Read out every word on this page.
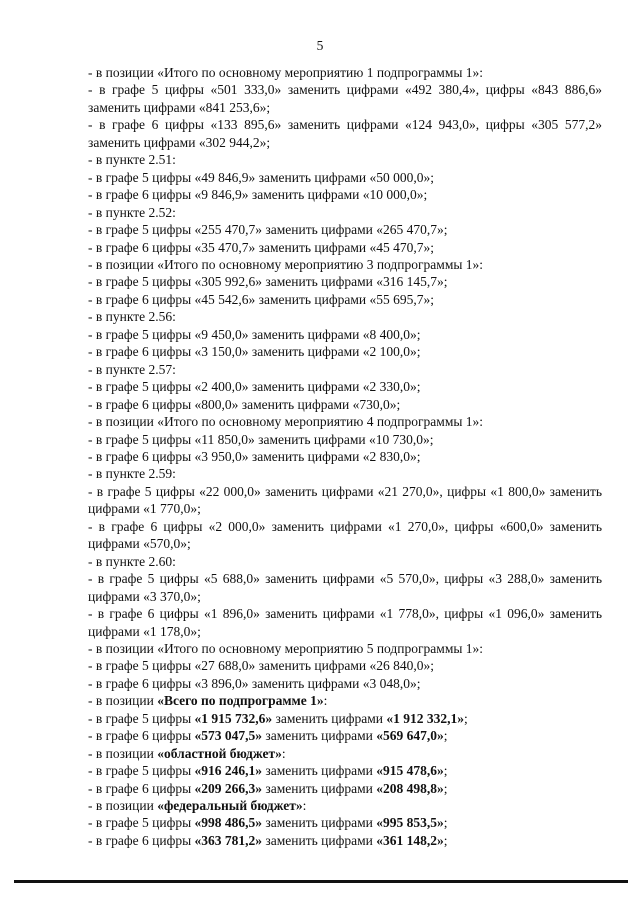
5
- в позиции «Итого по основному мероприятию 1 подпрограммы 1»:
- в графе 5 цифры «501 333,0» заменить цифрами «492 380,4», цифры «843 886,6» заменить цифрами «841 253,6»;
- в графе 6 цифры «133 895,6» заменить цифрами «124 943,0», цифры «305 577,2» заменить цифрами «302 944,2»;
- в пункте 2.51:
- в графе 5 цифры «49 846,9» заменить цифрами «50 000,0»;
- в графе 6 цифры «9 846,9» заменить цифрами «10 000,0»;
- в пункте 2.52:
- в графе 5 цифры «255 470,7» заменить цифрами «265 470,7»;
- в графе 6 цифры «35 470,7» заменить цифрами «45 470,7»;
- в позиции «Итого по основному мероприятию 3 подпрограммы 1»:
- в графе 5 цифры «305 992,6» заменить цифрами «316 145,7»;
- в графе 6 цифры «45 542,6» заменить цифрами «55 695,7»;
- в пункте 2.56:
- в графе 5 цифры «9 450,0» заменить цифрами «8 400,0»;
- в графе 6 цифры «3 150,0» заменить цифрами «2 100,0»;
- в пункте 2.57:
- в графе 5 цифры «2 400,0» заменить цифрами «2 330,0»;
- в графе 6 цифры «800,0» заменить цифрами «730,0»;
- в позиции «Итого по основному мероприятию 4 подпрограммы 1»:
- в графе 5 цифры «11 850,0» заменить цифрами «10 730,0»;
- в графе 6 цифры «3 950,0» заменить цифрами «2 830,0»;
- в пункте 2.59:
- в графе 5 цифры «22 000,0» заменить цифрами «21 270,0», цифры «1 800,0» заменить цифрами «1 770,0»;
- в графе 6 цифры «2 000,0» заменить цифрами «1 270,0», цифры «600,0» заменить цифрами «570,0»;
- в пункте 2.60:
- в графе 5 цифры «5 688,0» заменить цифрами «5 570,0», цифры «3 288,0» заменить цифрами «3 370,0»;
- в графе 6 цифры «1 896,0» заменить цифрами «1 778,0», цифры «1 096,0» заменить цифрами «1 178,0»;
- в позиции «Итого по основному мероприятию 5 подпрограммы 1»:
- в графе 5 цифры «27 688,0» заменить цифрами «26 840,0»;
- в графе 6 цифры «3 896,0» заменить цифрами «3 048,0»;
- в позиции «Всего по подпрограмме 1»:
- в графе 5 цифры «1 915 732,6» заменить цифрами «1 912 332,1»;
- в графе 6 цифры «573 047,5» заменить цифрами «569 647,0»;
- в позиции «областной бюджет»:
- в графе 5 цифры «916 246,1» заменить цифрами «915 478,6»;
- в графе 6 цифры «209 266,3» заменить цифрами «208 498,8»;
- в позиции «федеральный бюджет»:
- в графе 5 цифры «998 486,5» заменить цифрами «995 853,5»;
- в графе 6 цифры «363 781,2» заменить цифрами «361 148,2»;
